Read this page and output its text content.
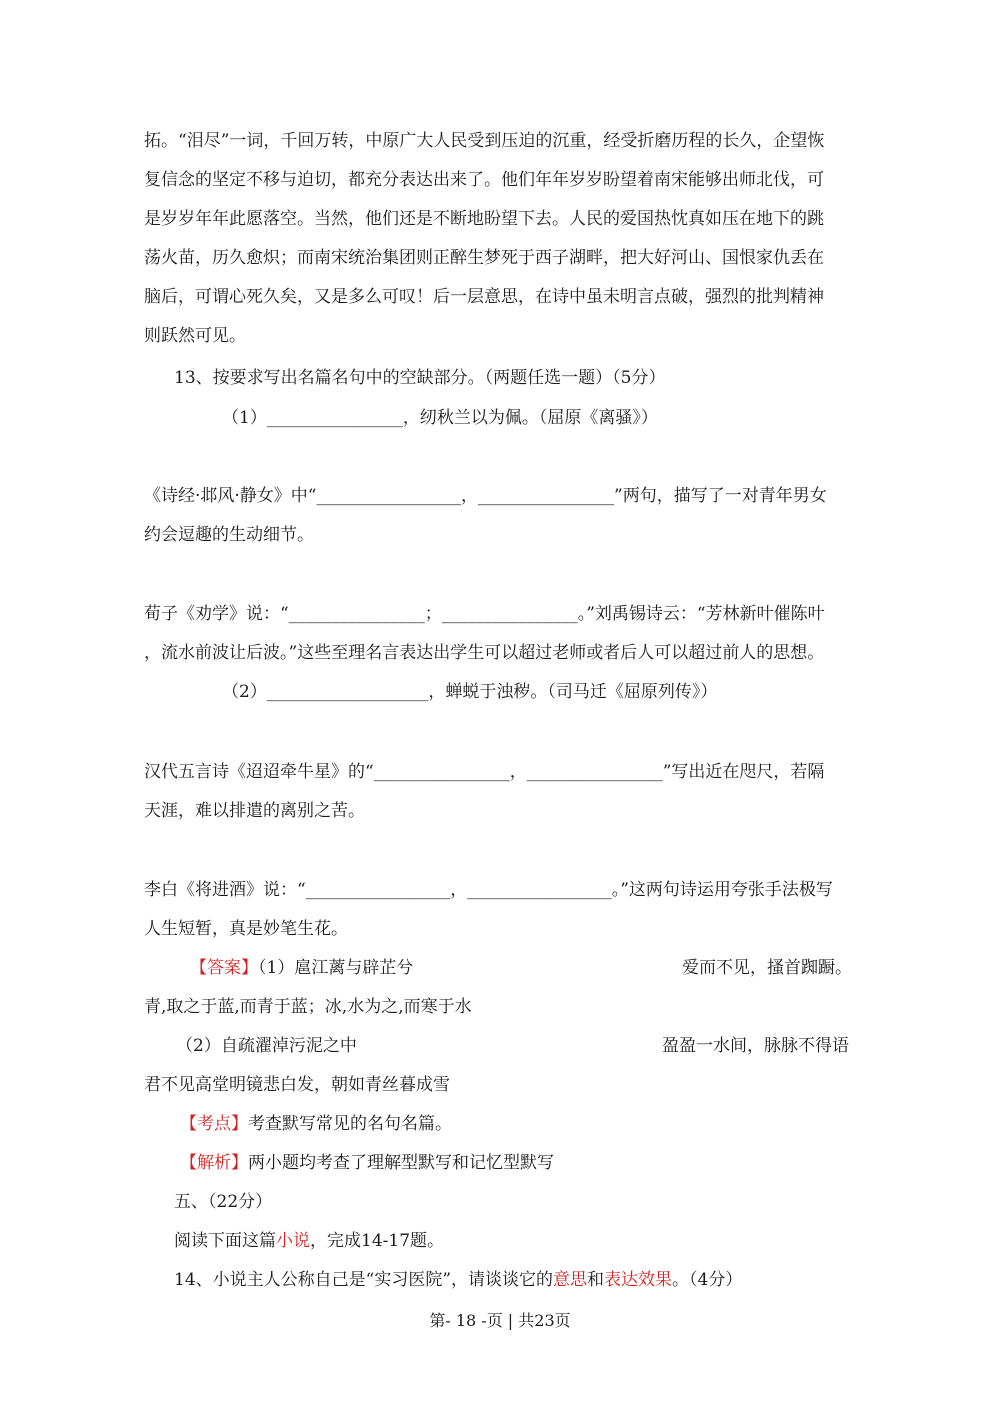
拓。“泪尽”一词，千回万转，中原广大人民受到压迫的沉重，经受折磨历程的长久，企望恢
复信念的坚定不移与迫切，都充分表达出来了。他们年年岁岁盼望着南宋能够出师北伐，可
是岁岁年年此愿落空。当然，他们还是不断地盼望下去。人民的爱国热忱真如压在地下的跳
荡火苗，历久愈炽；而南宋统治集团则正醉生梦死于西子湖畔，把大好河山、国恨家仇丢在
脑后，可谓心死久矣，又是多么可叹！后一层意思，在诗中虽未明言点破，强烈的批判精神
则跃然可见。
13、按要求写出名篇名句中的空缺部分。（两题任选一题）（5分）
（1）________________，纫秋兰以为佩。（屈原《离骚》）
《诗经·邶风·静女》中“_________________，________________”两句，描写了一对青年男女
约会逗趣的生动细节。
荀子《劝学》说：“________________；________________。”刘禹锡诗云：“芳林新叶催陈叶
，流水前波让后波。”这些至理名言表达出学生可以超过老师或者后人可以超过前人的思想。
（2）___________________，蝉蜕于浊秽。（司马迁《屈原列传》）
汉代五言诗《迢迢牵牛星》的“________________，________________”写出近在咫尺，若隔
天涯，难以排遣的离别之苦。
李白《将进酒》说：“_________________，_________________。”这两句诗运用夸张手法极写
人生短暂，真是妙笔生花。
【答案】（1）扈江蓠与辟芷兮	爱而不见，搔首踟蹰。
青,取之于蓝,而青于蓝；冰,水为之,而寒于水
（2）自疏濯淖污泥之中	盈盈一水间，脉脉不得语
君不见高堂明镜悲白发，朝如青丝暮成雪
【考点】考查默写常见的名句名篇。
【解析】两小题均考查了理解型默写和记忆型默写
五、（22分）
阅读下面这篇小说，完成14-17题。
14、小说主人公称自己是“实习医院”，请谈谈它的意思和表达效果。（4分）
第- 18 -页 | 共23页
